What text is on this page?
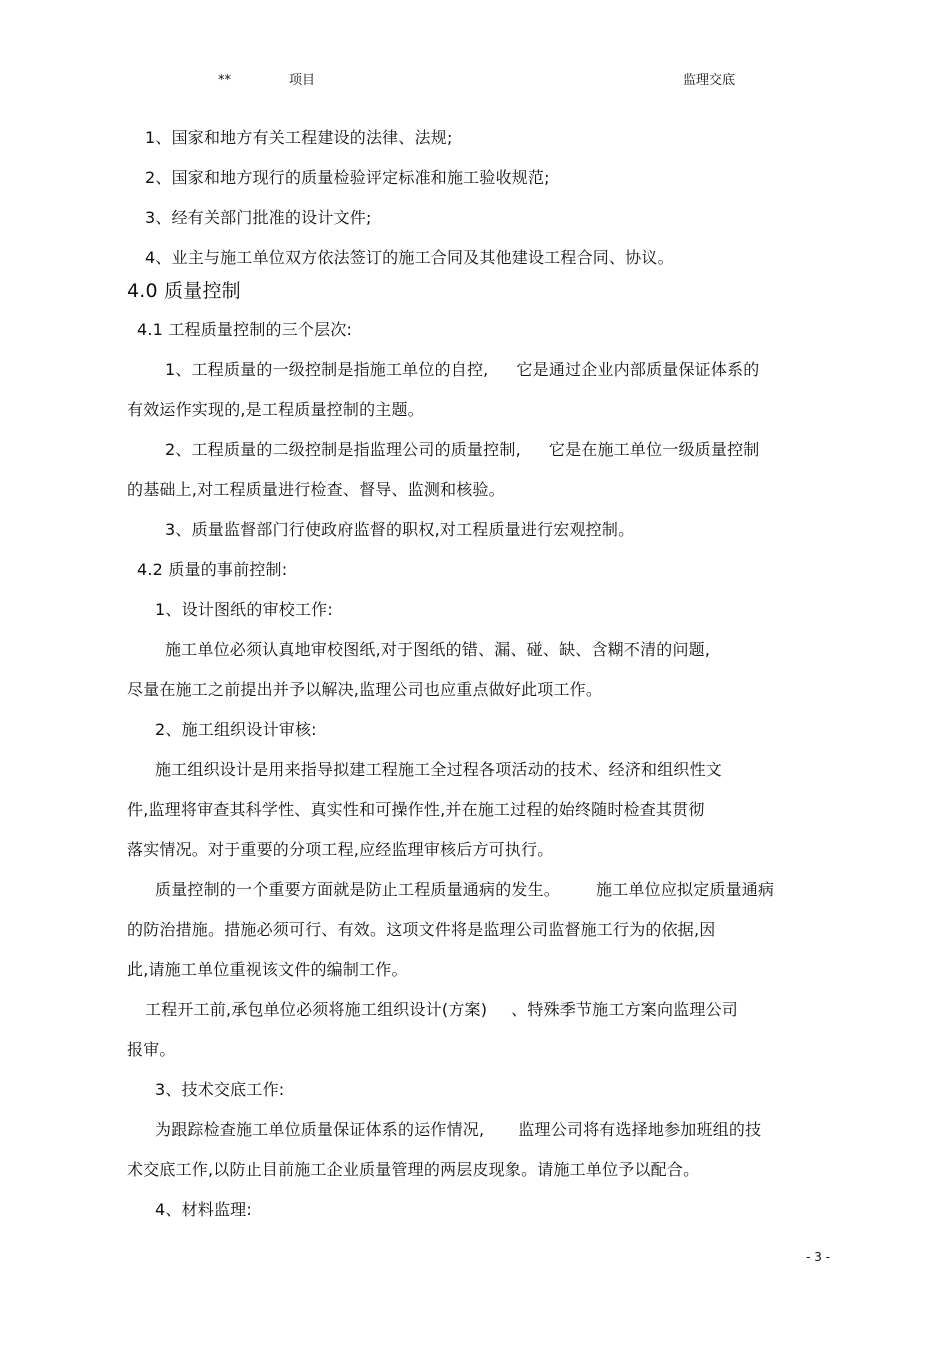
**	项目	监理交底
1、国家和地方有关工程建设的法律、法规;
2、国家和地方现行的质量检验评定标准和施工验收规范;
3、经有关部门批准的设计文件;
4、业主与施工单位双方依法签订的施工合同及其他建设工程合同、协议。
4.0 质量控制
4.1 工程质量控制的三个层次:
1、工程质量的一级控制是指施工单位的自控, 它是通过企业内部质量保证体系的
有效运作实现的,是工程质量控制的主题。
2、工程质量的二级控制是指监理公司的质量控制, 它是在施工单位一级质量控制
的基础上,对工程质量进行检查、督导、监测和核验。
3、质量监督部门行使政府监督的职权,对工程质量进行宏观控制。
4.2 质量的事前控制:
1、设计图纸的审校工作:
施工单位必须认真地审校图纸,对于图纸的错、漏、碰、缺、含糊不清的问题,
尽量在施工之前提出并予以解决,监理公司也应重点做好此项工作。
2、施工组织设计审核:
施工组织设计是用来指导拟建工程施工全过程各项活动的技术、经济和组织性文
件,监理将审查其科学性、真实性和可操作性,并在施工过程的始终随时检查其贯彻
落实情况。对于重要的分项工程,应经监理审核后方可执行。
质量控制的一个重要方面就是防止工程质量通病的发生。 施工单位应拟定质量通病
的防治措施。措施必须可行、有效。这项文件将是监理公司监督施工行为的依据,因
此,请施工单位重视该文件的编制工作。
工程开工前,承包单位必须将施工组织设计(方案) 、特殊季节施工方案向监理公司
报审。
3、技术交底工作:
为跟踪检查施工单位质量保证体系的运作情况, 监理公司将有选择地参加班组的技
术交底工作,以防止目前施工企业质量管理的两层皮现象。请施工单位予以配合。
4、材料监理:
- 3 -
